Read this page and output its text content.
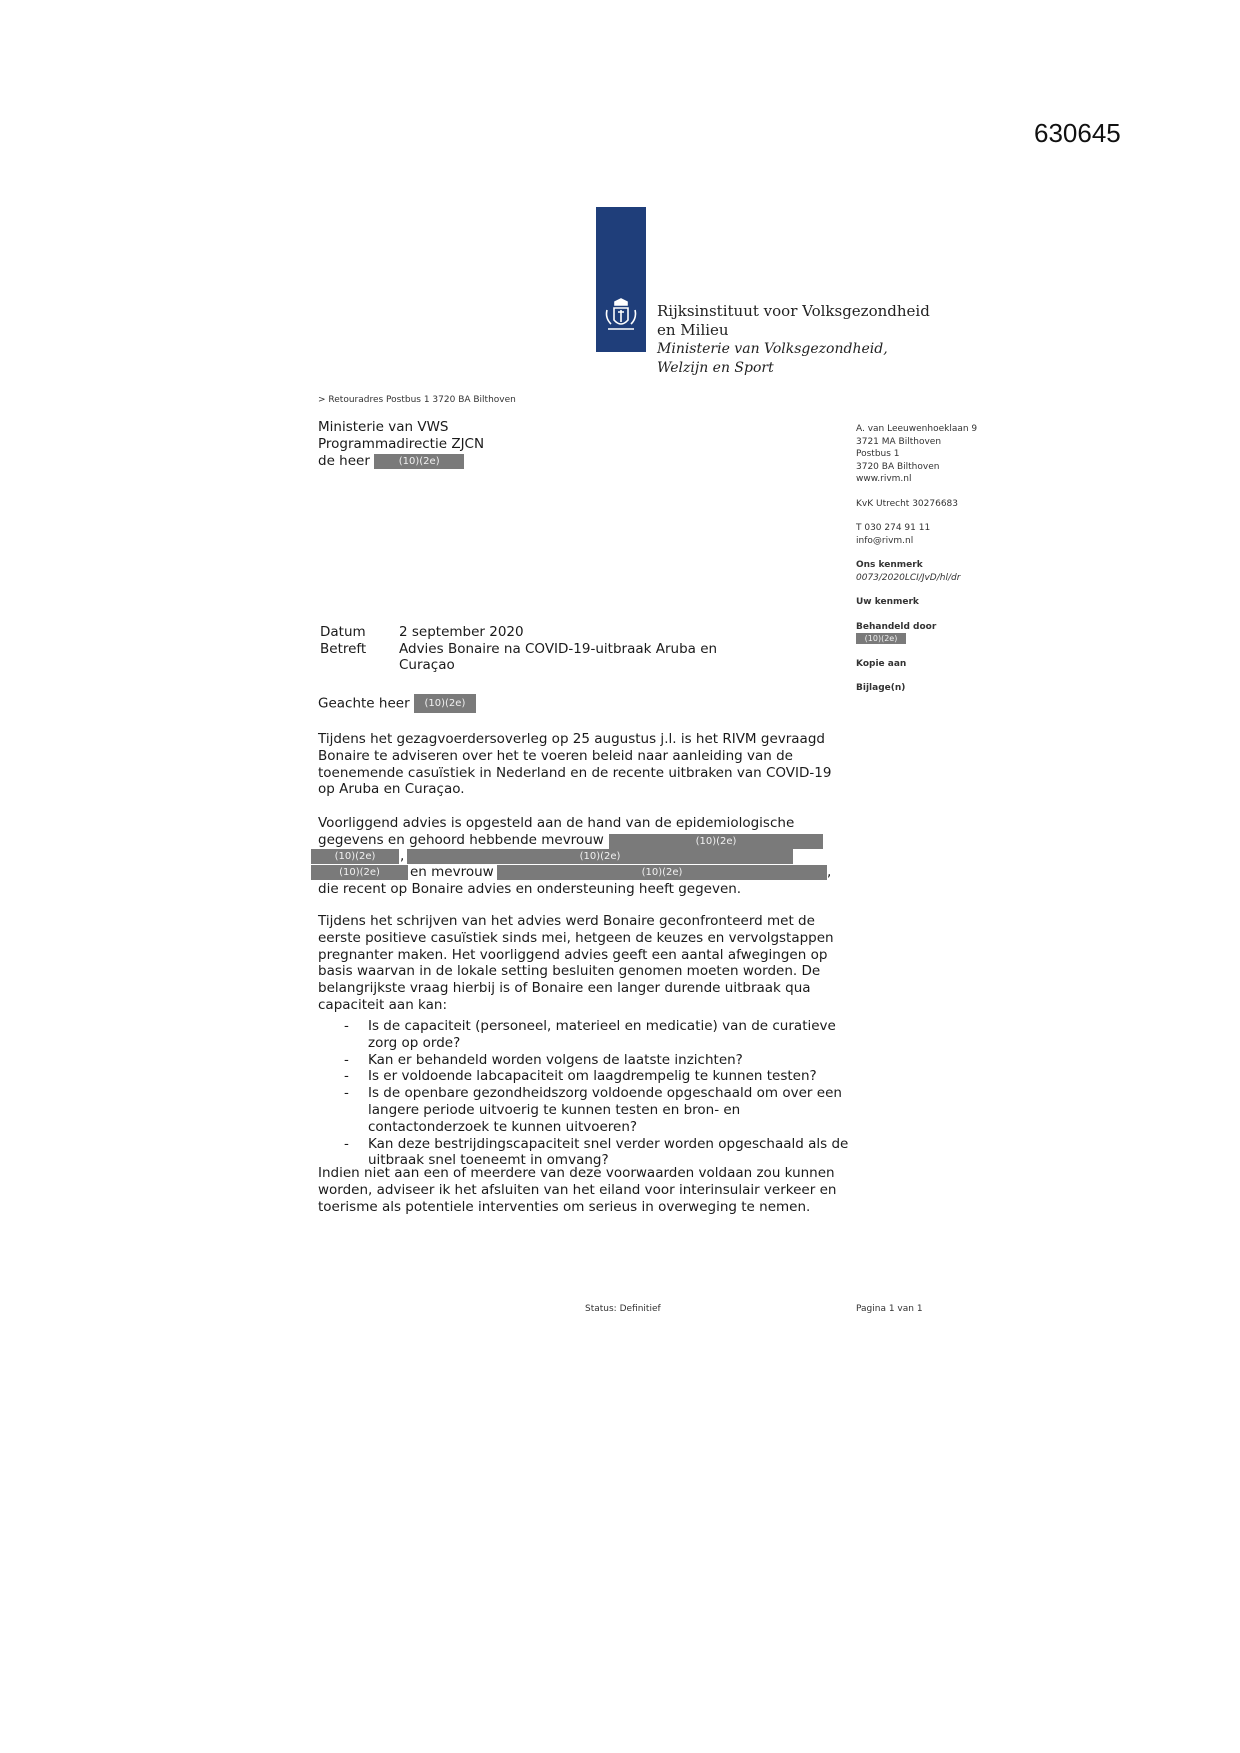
630645
Rijksinstituut voor Volksgezondheid
en Milieu
Ministerie van Volksgezondheid,
Welzijn en Sport
> Retouradres Postbus 1 3720 BA Bilthoven
Ministerie van VWS
Programmadirectie ZJCN
de heer	(10)(2e)
A. van Leeuwenhoeklaan 9
3721 MA Bilthoven
Postbus 1
3720 BA Bilthoven
www.rivm.nl
KvK Utrecht 30276683
T 030 274 91 11
info@rivm.nl
Ons kenmerk
0073/2020LCI/JvD/hl/dr
Uw kenmerk
Behandeld door
(10)(2e)
Kopie aan
Bijlage(n)
Datum	2 september 2020
Betreft	Advies Bonaire na COVID-19-uitbraak Aruba en
Curaçao
Geachte heer (10)(2e)

Tijdens het gezagvoerdersoverleg op 25 augustus j.l. is het RIVM gevraagd Bonaire te adviseren over het te voeren beleid naar aanleiding van de toenemende casuïstiek in Nederland en de recente uitbraken van COVID-19 op Aruba en Curaçao.

Voorliggend advies is opgesteld aan de hand van de epidemiologische
gegevens en gehoord hebbende mevrouw	(10)(2e)
(10)(2e)	,	(10)(2e)
(10)(2e)	en mevrouw	(10)(2e)	,
die recent op Bonaire advies en ondersteuning heeft gegeven.

Tijdens het schrijven van het advies werd Bonaire geconfronteerd met de eerste positieve casuïstiek sinds mei, hetgeen de keuzes en vervolgstappen pregnanter maken. Het voorliggend advies geeft een aantal afwegingen op basis waarvan in de lokale setting besluiten genomen moeten worden. De belangrijkste vraag hierbij is of Bonaire een langer durende uitbraak qua capaciteit aan kan:

- Is de capaciteit (personeel, materieel en medicatie) van de curatieve zorg op orde?
- Kan er behandeld worden volgens de laatste inzichten?
- Is er voldoende labcapaciteit om laagdrempelig te kunnen testen?
- Is de openbare gezondheidszorg voldoende opgeschaald om over een langere periode uitvoerig te kunnen testen en bron- en contactonderzoek te kunnen uitvoeren?
- Kan deze bestrijdingscapaciteit snel verder worden opgeschaald als de uitbraak snel toeneemt in omvang?

Indien niet aan een of meerdere van deze voorwaarden voldaan zou kunnen worden, adviseer ik het afsluiten van het eiland voor interinsulair verkeer en toerisme als potentiele interventies om serieus in overweging te nemen.

Status: Definitief	Pagina 1 van 1
